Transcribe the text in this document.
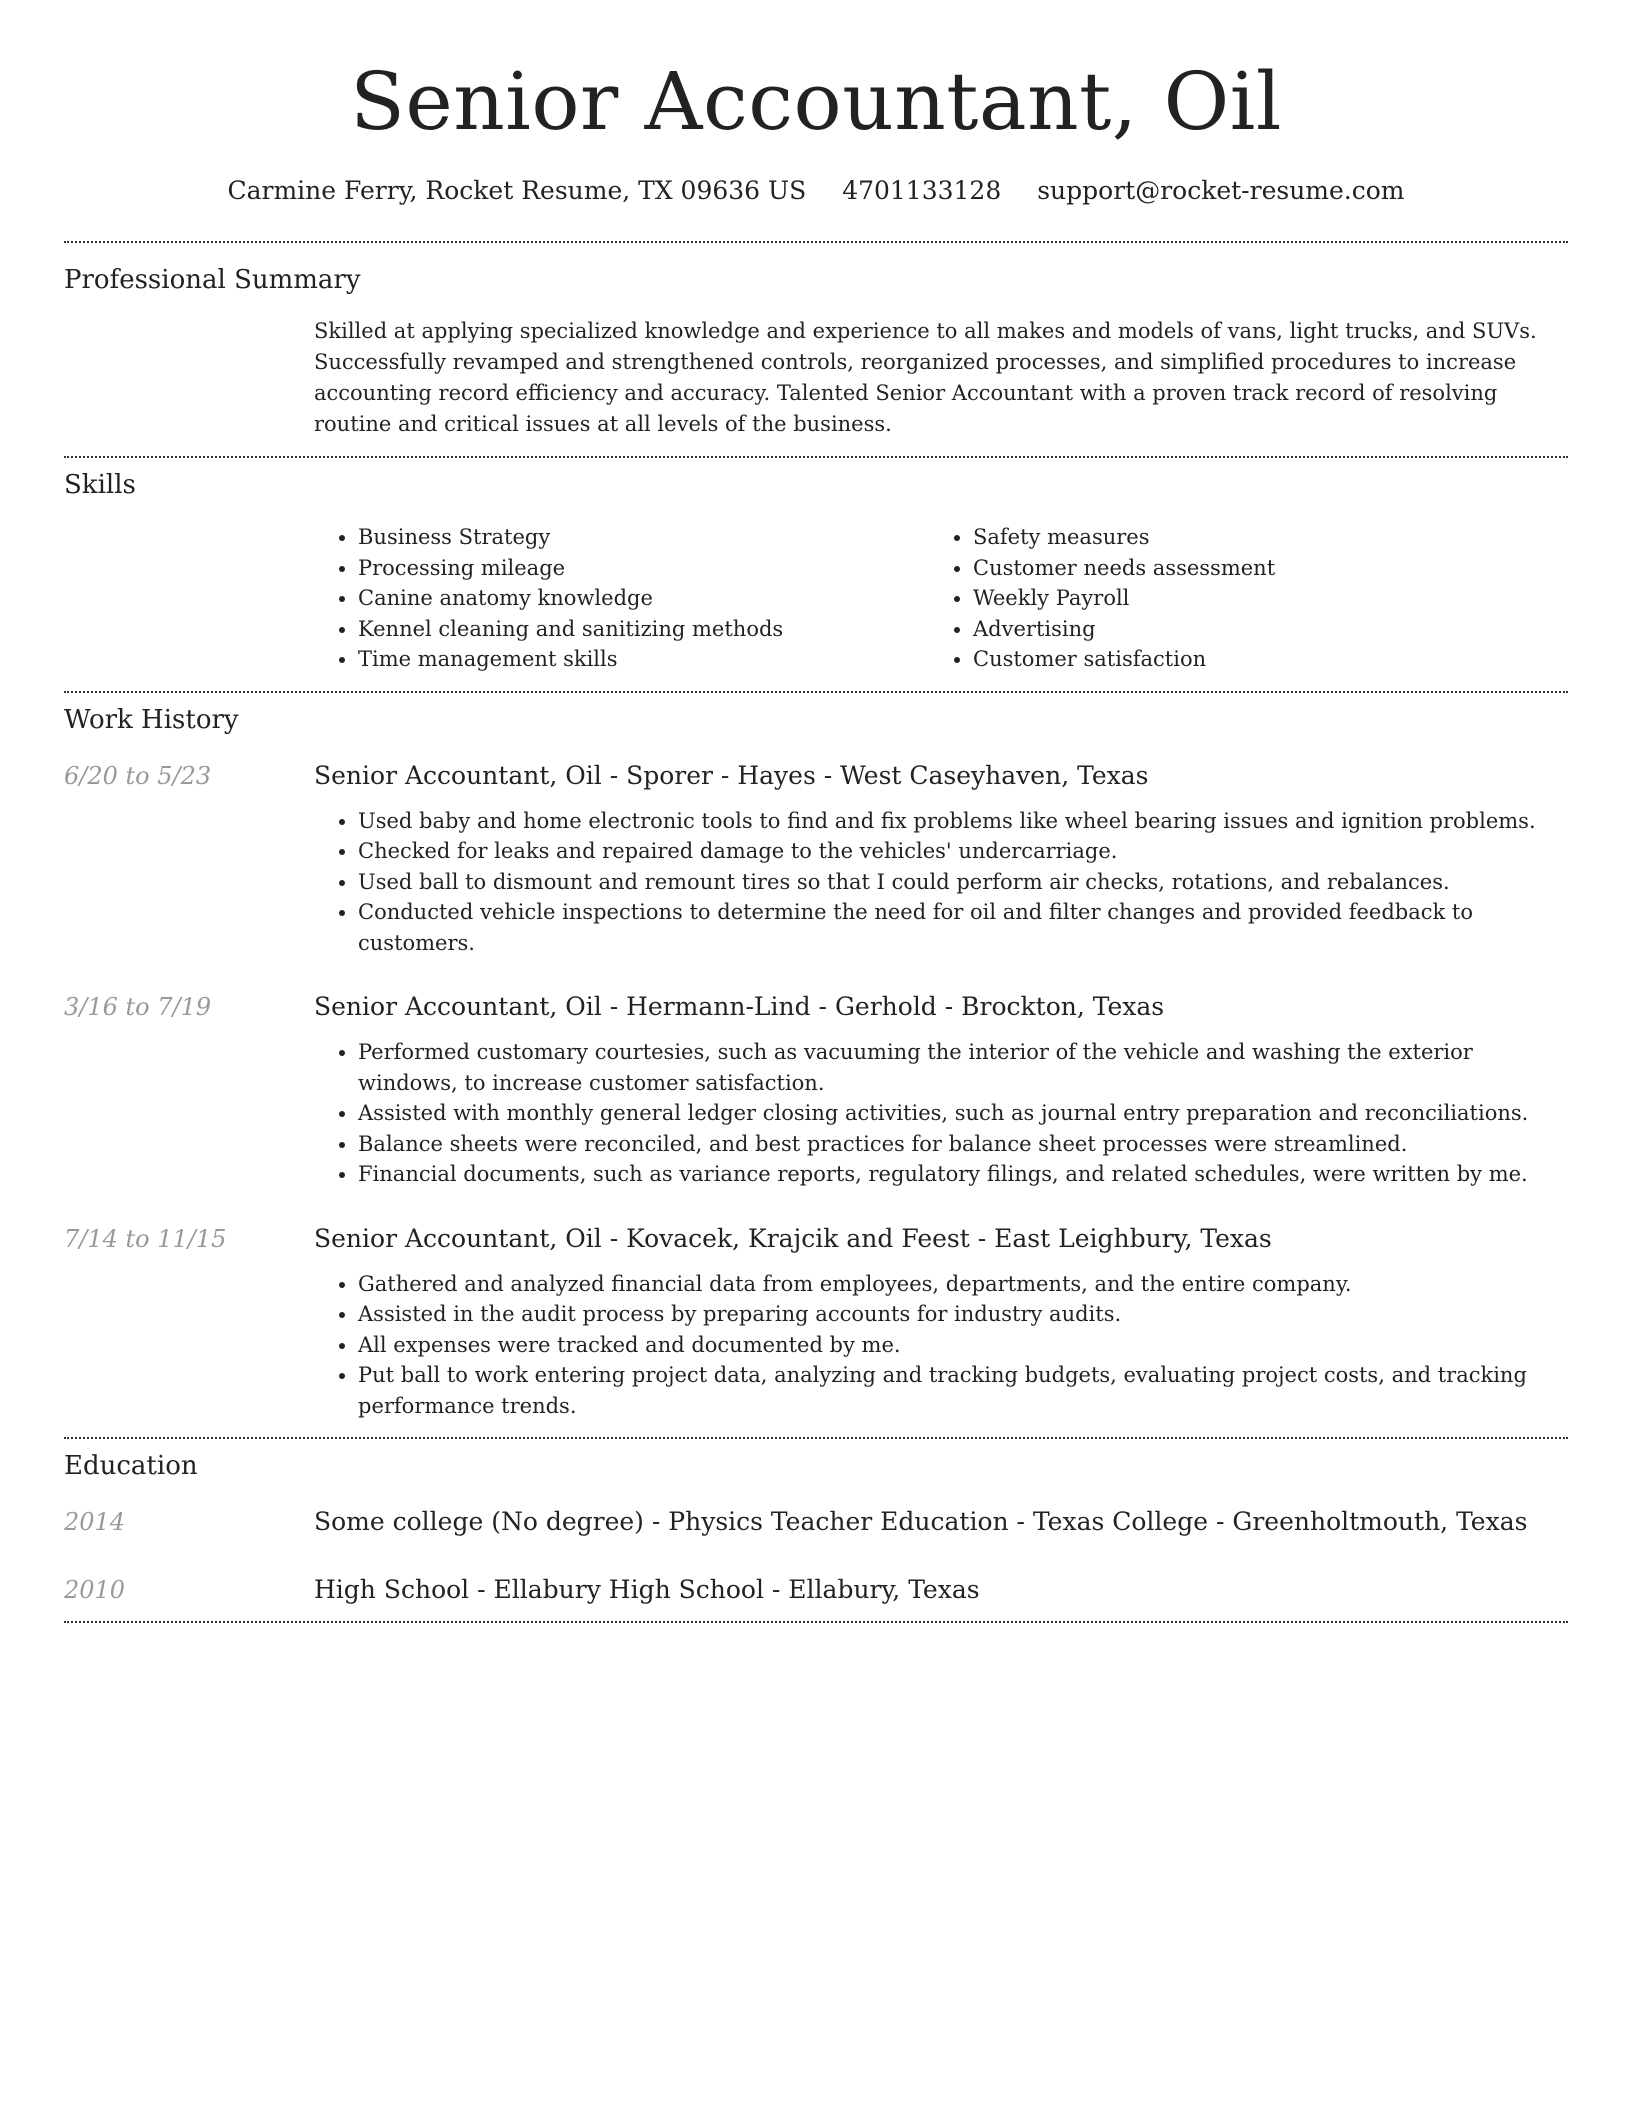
Senior Accountant, Oil
Carmine Ferry, Rocket Resume, TX 09636 US 4701133128 support@rocket-resume.com
Professional Summary

Skilled at applying specialized knowledge and experience to all makes and models of vans, light trucks, and SUVs. Successfully revamped and strengthened controls, reorganized processes, and simplified procedures to increase accounting record efficiency and accuracy. Talented Senior Accountant with a proven track record of resolving routine and critical issues at all levels of the business.

Skills
• Business Strategy
• Processing mileage
• Canine anatomy knowledge
• Kennel cleaning and sanitizing methods
• Time management skills
• Safety measures
• Customer needs assessment
• Weekly Payroll
• Advertising
• Customer satisfaction
Work History
6/20 to 5/23	Senior Accountant, Oil - Sporer - Hayes - West Caseyhaven, Texas
• Used baby and home electronic tools to find and fix problems like wheel bearing issues and ignition problems.
• Checked for leaks and repaired damage to the vehicles' undercarriage.
• Used ball to dismount and remount tires so that I could perform air checks, rotations, and rebalances.
• Conducted vehicle inspections to determine the need for oil and filter changes and provided feedback to customers.
3/16 to 7/19	Senior Accountant, Oil - Hermann-Lind - Gerhold - Brockton, Texas
• Performed customary courtesies, such as vacuuming the interior of the vehicle and washing the exterior windows, to increase customer satisfaction.
• Assisted with monthly general ledger closing activities, such as journal entry preparation and reconciliations.
• Balance sheets were reconciled, and best practices for balance sheet processes were streamlined.
• Financial documents, such as variance reports, regulatory filings, and related schedules, were written by me.
7/14 to 11/15	Senior Accountant, Oil - Kovacek, Krajcik and Feest - East Leighbury, Texas
• Gathered and analyzed financial data from employees, departments, and the entire company.
• Assisted in the audit process by preparing accounts for industry audits.
• All expenses were tracked and documented by me.
• Put ball to work entering project data, analyzing and tracking budgets, evaluating project costs, and tracking performance trends.
Education
2014	Some college (No degree) - Physics Teacher Education - Texas College - Greenholtmouth, Texas
2010	High School - Ellabury High School - Ellabury, Texas
